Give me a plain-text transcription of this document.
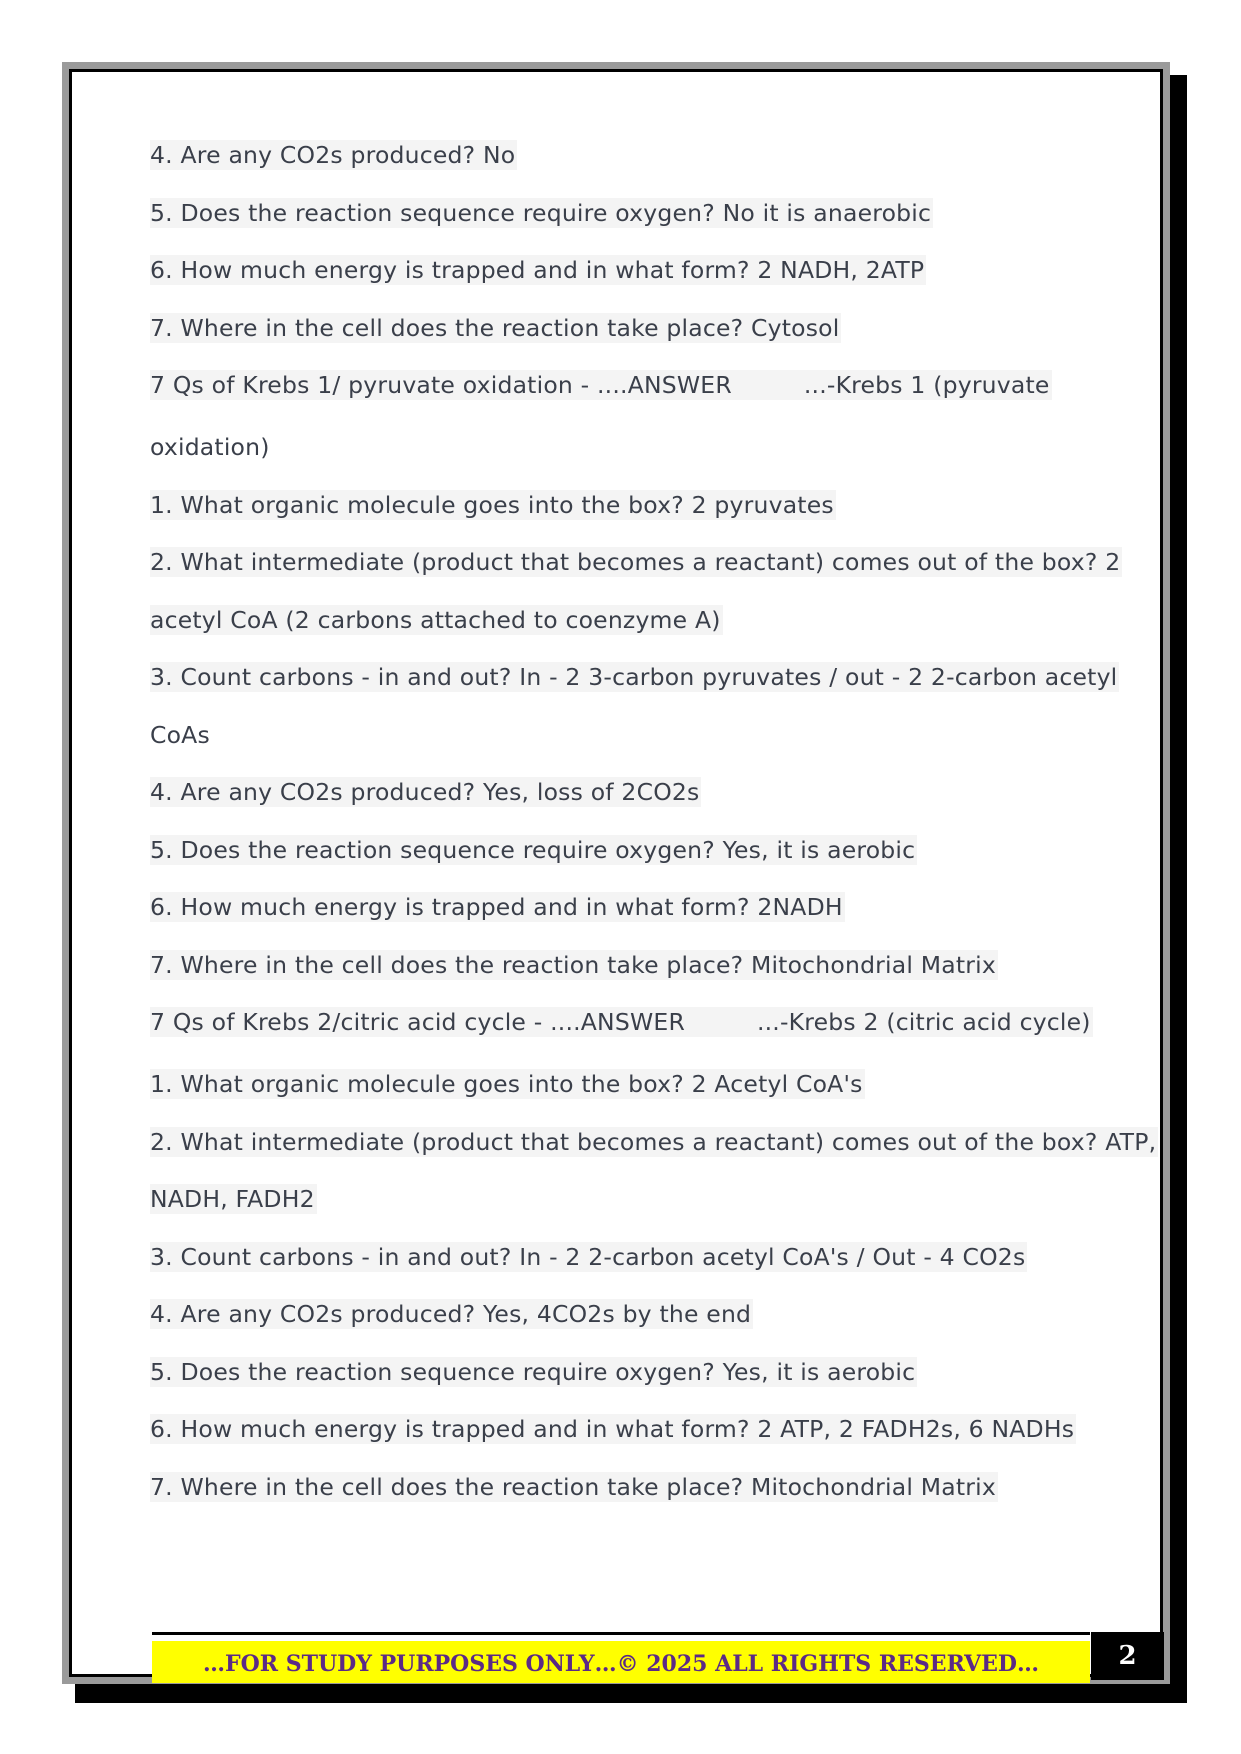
4. Are any CO2s produced? No
5. Does the reaction sequence require oxygen? No it is anaerobic
6. How much energy is trapped and in what form? 2 NADH, 2ATP
7. Where in the cell does the reaction take place? Cytosol
7 Qs of Krebs 1/ pyruvate oxidation - ....ANSWER	...-Krebs 1 (pyruvate
oxidation)
1. What organic molecule goes into the box? 2 pyruvates
2. What intermediate (product that becomes a reactant) comes out of the box? 2
acetyl CoA (2 carbons attached to coenzyme A)
3. Count carbons - in and out? In - 2 3-carbon pyruvates / out - 2 2-carbon acetyl
CoAs
4. Are any CO2s produced? Yes, loss of 2CO2s
5. Does the reaction sequence require oxygen? Yes, it is aerobic
6. How much energy is trapped and in what form? 2NADH
7. Where in the cell does the reaction take place? Mitochondrial Matrix
7 Qs of Krebs 2/citric acid cycle - ....ANSWER	...-Krebs 2 (citric acid cycle)
1. What organic molecule goes into the box? 2 Acetyl CoA's
2. What intermediate (product that becomes a reactant) comes out of the box? ATP,
NADH, FADH2
3. Count carbons - in and out? In - 2 2-carbon acetyl CoA's / Out - 4 CO2s
4. Are any CO2s produced? Yes, 4CO2s by the end
5. Does the reaction sequence require oxygen? Yes, it is aerobic
6. How much energy is trapped and in what form? 2 ATP, 2 FADH2s, 6 NADHs
7. Where in the cell does the reaction take place? Mitochondrial Matrix
…FOR STUDY PURPOSES ONLY…© 2025 ALL RIGHTS RESERVED…	2
